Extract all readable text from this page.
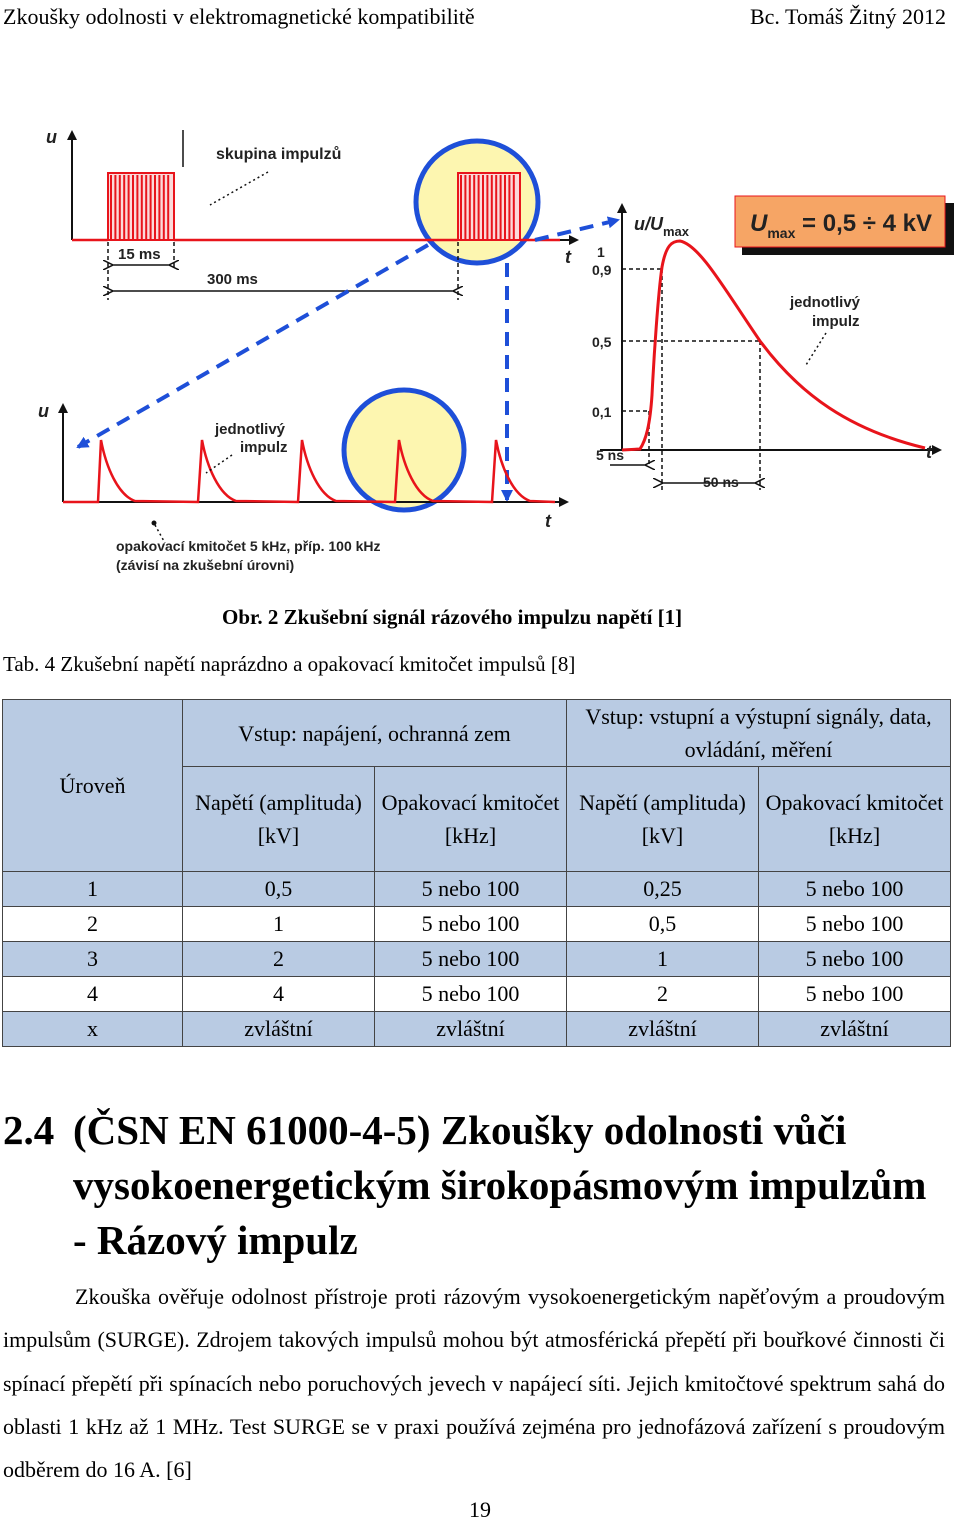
Zkoušky odolnosti v elektromagnetické kompatibilitě	Bc. Tomáš Žitný 2012
u
t
skupina impulzů
15 ms
300 ms
u
t
jednotlivý
impulz
opakovací kmitočet 5 kHz, příp. 100 kHz
(závisí na zkušební úrovni)
$U_{max} = 0,5 \div 4$ kV
$u/U_{max}$
t
1
0,9
0,5
0,1
jednotlivý
impulz
5 ns
50 ns
Obr. 2 Zkušební signál rázového impulzu napětí [1]
Tab. 4 Zkušební napětí naprázdno a opakovací kmitočet impulsů [8]
Úroveň	Vstup: napájení, ochranná zem		Vstup: vstupní a výstupní signály, data, ovládání, měření	
	Napětí (amplituda) [kV]	Opakovací kmitočet [kHz]	Napětí (amplituda) [kV]	Opakovací kmitočet [kHz]
1	0,5	5 nebo 100	0,25	5 nebo 100
2	1	5 nebo 100	0,5	5 nebo 100
3	2	5 nebo 100	1	5 nebo 100
4	4	5 nebo 100	2	5 nebo 100
x	zvláštní	zvláštní	zvláštní	zvláštní
2.4 (ČSN EN 61000-4-5) Zkoušky odolnosti vůči vysokoenergetickým širokopásmovým impulzům - Rázový impulz
Zkouška ověřuje odolnost přístroje proti rázovým vysokoenergetickým napěťovým a proudovým impulsům (SURGE). Zdrojem takových impulsů mohou být atmosférická přepětí při bouřkové činnosti či spínací přepětí při spínacích nebo poruchových jevech v napájecí síti. Jejich kmitočtové spektrum sahá do oblasti 1 kHz až 1 MHz. Test SURGE se v praxi používá zejména pro jednofázová zařízení s proudovým odběrem do 16 A. [6]
19
